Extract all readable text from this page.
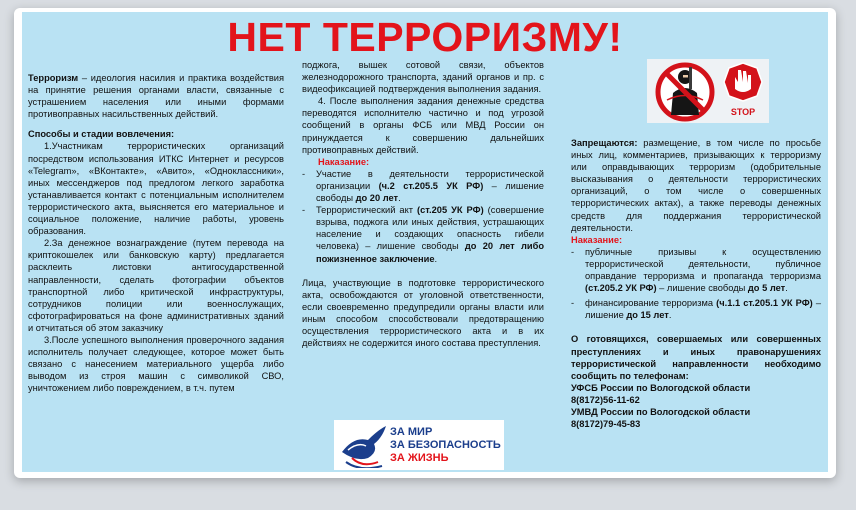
НЕТ ТЕРРОРИЗМУ!

Терроризм – идеология насилия и практика воздействия на принятие решения органами власти, связанные с устрашением населения или иными формами противоправных насильственных действий.

Способы и стадии вовлечения:

1.Участникам террористических организаций посредством использования ИТКС Интернет и ресурсов «Telegram», «ВКонтакте», «Авито», «Одноклассники», иных мессенджеров под предлогом легкого заработка устанавливается контакт с потенциальным исполнителем террористического акта, выясняется его материальное и социальное положение, наличие работы, уровень образования.

2.За денежное вознаграждение (путем перевода на криптокошелек или банковскую карту) предлагается расклеить листовки антигосударственной направленности, сделать фотографии объектов транспортной либо критической инфраструктуры, сотрудников полиции или военнослужащих, сфотографироваться на фоне административных зданий и отчитаться об этом заказчику

3.После успешного выполнения проверочного задания исполнитель получает следующее, которое может быть связано с нанесением материального ущерба либо выводом из строя машин с символикой СВО, уничтожением либо повреждением, в т.ч. путем

поджога, вышек сотовой связи, объектов железнодорожного транспорта, зданий органов и пр. с видеофиксацией подтверждения выполнения задания.

4. После выполнения задания денежные средства переводятся исполнителю частично и под угрозой сообщений в органы ФСБ или МВД России он принуждается к совершению дальнейших противоправных действий.

Наказание:

-	Участие в деятельности террористической организации (ч.2 ст.205.5 УК РФ) – лишение свободы до 20 лет.
-	Террористический акт (ст.205 УК РФ) (совершение взрыва, поджога или иных действия, устрашающих население и создающих опасность гибели человека) – лишение свободы до 20 лет либо пожизненное заключение.

Лица, участвующие в подготовке террористического акта, освобождаются от уголовной ответственности, если своевременно предупредили органы власти или иным способом способствовали предотвращению осуществления террористического акта и в их действиях не содержится иного состава преступления.

Запрещаются: размещение, в том числе по просьбе иных лиц, комментариев, призывающих к терроризму или оправдывающих терроризм (одобрительные высказывания о деятельности террористических организаций, о том числе о совершенных террористических актах), а также переводы денежных средств для поддержания террористической деятельности.

Наказание:

-	публичные призывы к осуществлению террористической деятельности, публичное оправдание терроризма и пропаганда терроризма (ст.205.2 УК РФ) – лишение свободы до 5 лет.
-	финансирование терроризма (ч.1.1 ст.205.1 УК РФ) – лишение до 15 лет.

О готовящихся, совершаемых или совершенных преступлениях и иных правонарушениях террористической направленности необходимо сообщить по телефонам:

УФСБ России по Вологодской области

8(8172)56-11-62

УМВД России по Вологодской области

8(8172)79-45-83

STOP
ЗА МИР
ЗА БЕЗОПАСНОСТЬ
ЗА ЖИЗНЬ
